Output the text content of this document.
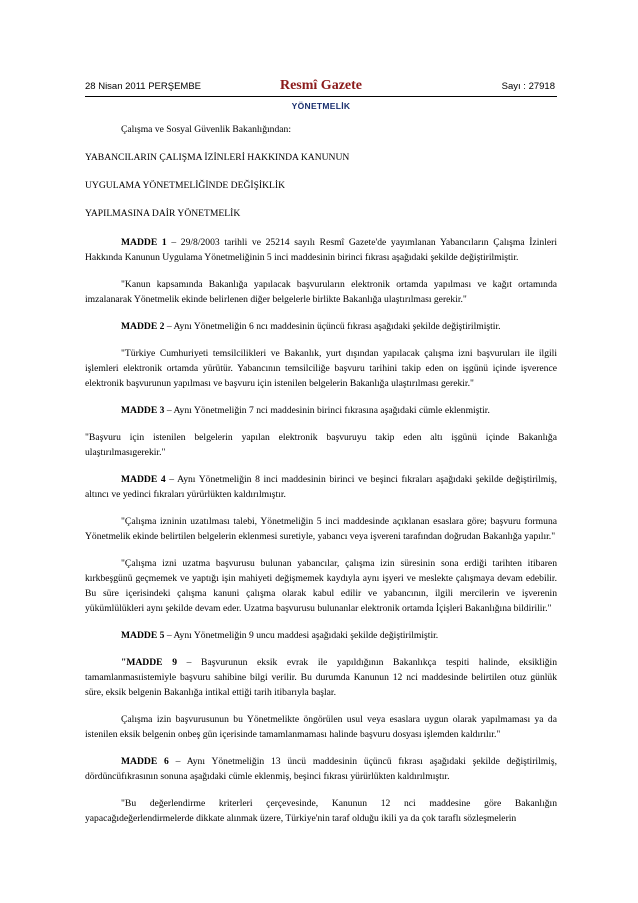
28 Nisan 2011 PERŞEMBE	Resmî Gazete	Sayı : 27918
YÖNETMELİK

Çalışma ve Sosyal Güvenlik Bakanlığından:

YABANCILARIN ÇALIŞMA İZİNLERİ HAKKINDA KANUNUN

UYGULAMA YÖNETMELİĞİNDE DEĞİŞİKLİK

YAPILMASINA DAİR YÖNETMELİK

MADDE 1 – 29/8/2003 tarihli ve 25214 sayılı Resmî Gazete'de yayımlanan Yabancıların Çalışma İzinleri Hakkında Kanunun Uygulama Yönetmeliğinin 5 inci maddesinin birinci fıkrası aşağıdaki şekilde değiştirilmiştir.

"Kanun kapsamında Bakanlığa yapılacak başvuruların elektronik ortamda yapılması ve kağıt ortamında imzalanarak Yönetmelik ekinde belirlenen diğer belgelerle birlikte Bakanlığa ulaştırılması gerekir."

MADDE 2 – Aynı Yönetmeliğin 6 ncı maddesinin üçüncü fıkrası aşağıdaki şekilde değiştirilmiştir.

"Türkiye Cumhuriyeti temsilcilikleri ve Bakanlık, yurt dışından yapılacak çalışma izni başvuruları ile ilgili işlemleri elektronik ortamda yürütür. Yabancının temsilciliğe başvuru tarihini takip eden on işgünü içinde işverence elektronik başvurunun yapılması ve başvuru için istenilen belgelerin Bakanlığa ulaştırılması gerekir."

MADDE 3 – Aynı Yönetmeliğin 7 nci maddesinin birinci fıkrasına aşağıdaki cümle eklenmiştir.

"Başvuru için istenilen belgelerin yapılan elektronik başvuruyu takip eden altı işgünü içinde Bakanlığa ulaştırılmasıgerekir."

MADDE 4 – Aynı Yönetmeliğin 8 inci maddesinin birinci ve beşinci fıkraları aşağıdaki şekilde değiştirilmiş, altıncı ve yedinci fıkraları yürürlükten kaldırılmıştır.

"Çalışma izninin uzatılması talebi, Yönetmeliğin 5 inci maddesinde açıklanan esaslara göre; başvuru formuna Yönetmelik ekinde belirtilen belgelerin eklenmesi suretiyle, yabancı veya işvereni tarafından doğrudan Bakanlığa yapılır."

"Çalışma izni uzatma başvurusu bulunan yabancılar, çalışma izin süresinin sona erdiği tarihten itibaren kırkbeşgünü geçmemek ve yaptığı işin mahiyeti değişmemek kaydıyla aynı işyeri ve meslekte çalışmaya devam edebilir. Bu süre içerisindeki çalışma kanuni çalışma olarak kabul edilir ve yabancının, ilgili mercilerin ve işverenin yükümlülükleri aynı şekilde devam eder. Uzatma başvurusu bulunanlar elektronik ortamda İçişleri Bakanlığına bildirilir."

MADDE 5 – Aynı Yönetmeliğin 9 uncu maddesi aşağıdaki şekilde değiştirilmiştir.

"MADDE 9 – Başvurunun eksik evrak ile yapıldığının Bakanlıkça tespiti halinde, eksikliğin tamamlanmasıistemiyle başvuru sahibine bilgi verilir. Bu durumda Kanunun 12 nci maddesinde belirtilen otuz günlük süre, eksik belgenin Bakanlığa intikal ettiği tarih itibarıyla başlar.

Çalışma izin başvurusunun bu Yönetmelikte öngörülen usul veya esaslara uygun olarak yapılmaması ya da istenilen eksik belgenin onbeş gün içerisinde tamamlanmaması halinde başvuru dosyası işlemden kaldırılır."

MADDE 6 – Aynı Yönetmeliğin 13 üncü maddesinin üçüncü fıkrası aşağıdaki şekilde değiştirilmiş, dördüncüfıkrasının sonuna aşağıdaki cümle eklenmiş, beşinci fıkrası yürürlükten kaldırılmıştır.

"Bu değerlendirme kriterleri çerçevesinde, Kanunun 12 nci maddesine göre Bakanlığın yapacağıdeğerlendirmelerde dikkate alınmak üzere, Türkiye'nin taraf olduğu ikili ya da çok taraflı sözleşmelerin
